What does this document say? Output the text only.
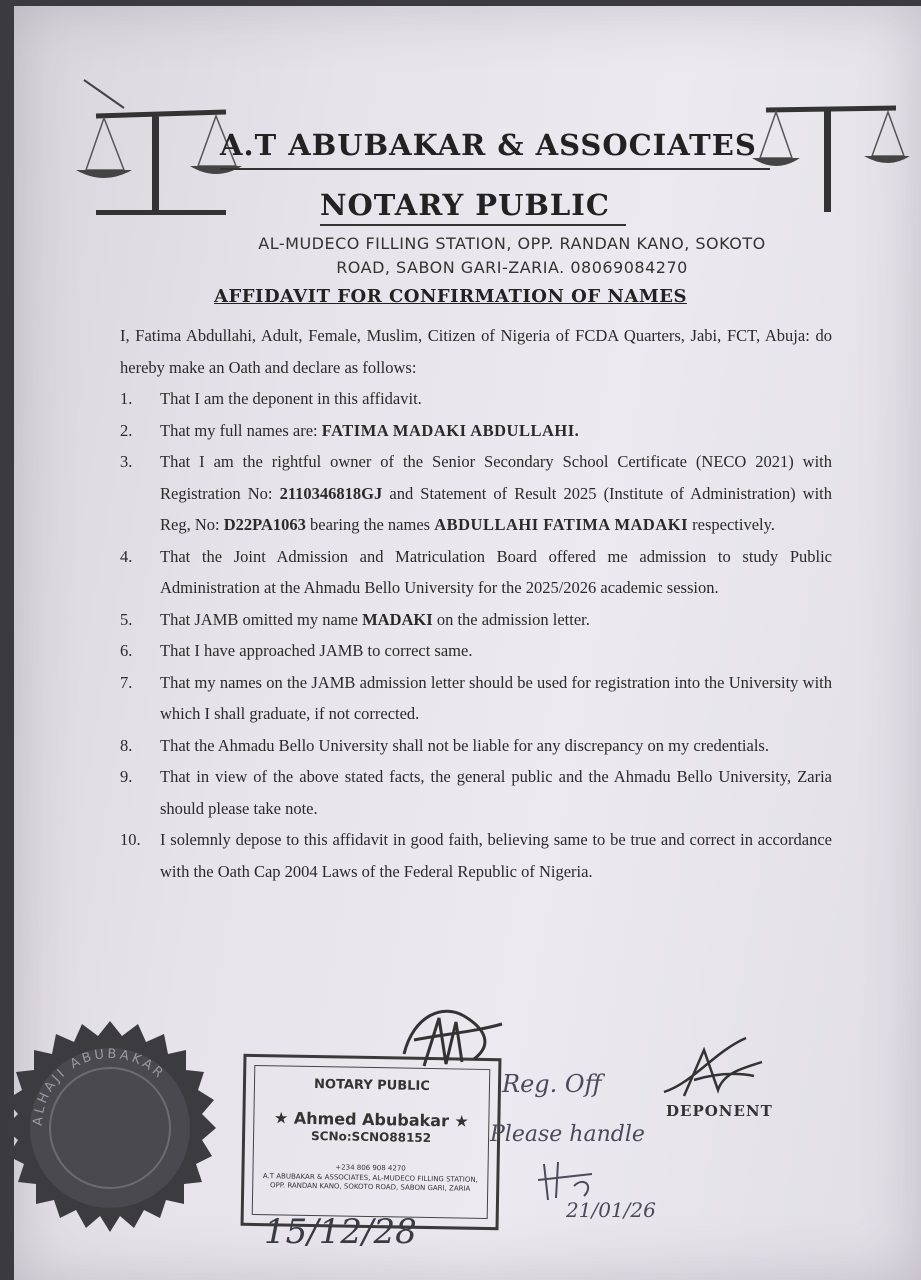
A.T ABUBAKAR & ASSOCIATES
NOTARY PUBLIC
AL-MUDECO FILLING STATION, OPP. RANDAN KANO, SOKOTO
ROAD, SABON GARI-ZARIA. 08069084270
AFFIDAVIT FOR CONFIRMATION OF NAMES

I, Fatima Abdullahi, Adult, Female, Muslim, Citizen of Nigeria of FCDA Quarters, Jabi, FCT, Abuja: do hereby make an Oath and declare as follows:

1.	That I am the deponent in this affidavit.
2.	That my full names are: FATIMA MADAKI ABDULLAHI.
3.	That I am the rightful owner of the Senior Secondary School Certificate (NECO 2021) with Registration No: 2110346818GJ and Statement of Result 2025 (Institute of Administration) with Reg, No: D22PA1063 bearing the names ABDULLAHI FATIMA MADAKI respectively.
4.	That the Joint Admission and Matriculation Board offered me admission to study Public Administration at the Ahmadu Bello University for the 2025/2026 academic session.
5.	That JAMB omitted my name MADAKI on the admission letter.
6.	That I have approached JAMB to correct same.
7.	That my names on the JAMB admission letter should be used for registration into the University with which I shall graduate, if not corrected.
8.	That the Ahmadu Bello University shall not be liable for any discrepancy on my credentials.
9.	That in view of the above stated facts, the general public and the Ahmadu Bello University, Zaria should please take note.
10.	I solemnly depose to this affidavit in good faith, believing same to be true and correct in accordance with the Oath Cap 2004 Laws of the Federal Republic of Nigeria.
ALHAJI ABUBAKAR
NOTARY PUBLIC
★ Ahmed Abubakar ★
SCNo:SCNO88152
+234 806 908 4270
A.T ABUBAKAR & ASSOCIATES, AL-MUDECO FILLING STATION, OPP. RANDAN KANO, SOKOTO ROAD, SABON GARI, ZARIA
DEPONENT
Reg. Off
Please handle
21/01/26
15/12/28
